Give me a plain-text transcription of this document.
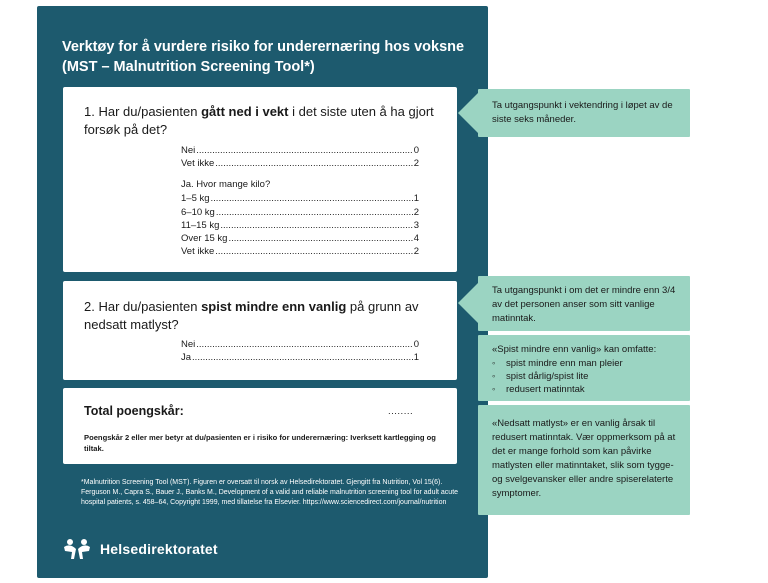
Verktøy for å vurdere risiko for underernæring hos voksne (MST – Malnutrition Screening Tool*)
1. Har du/pasienten gått ned i vekt i det siste uten å ha gjort forsøk på det?
Nei .....	0
Vet ikke .....	2
Ja. Hvor mange kilo?
1–5 kg .....	1
6–10 kg .....	2
11–15 kg .....	3
Over 15 kg .....	4
Vet ikke .....	2
2. Har du/pasienten spist mindre enn vanlig på grunn av nedsatt matlyst?
Nei .....	0
Ja .....	1
Total poengskår:	........
Poengskår 2 eller mer betyr at du/pasienten er i risiko for underernæring: Iverksett kartlegging og tiltak.
*Malnutrition Screening Tool (MST). Figuren er oversatt til norsk av Helsedirektoratet. Gjengitt fra Nutrition, Vol 15(6). Ferguson M., Capra S., Bauer J., Banks M., Development of a valid and reliable malnutrition screening tool for adult acute hospital patients, s. 458–64, Copyright 1999, med tillatelse fra Elsevier. https://www.sciencedirect.com/journal/nutrition
Helsedirektoratet
Ta utgangspunkt i vektendring i løpet av de siste seks måneder.
Ta utgangspunkt i om det er mindre enn 3/4 av det personen anser som sitt vanlige matinntak.
«Spist mindre enn vanlig» kan omfatte:
◦ spist mindre enn man pleier
◦ spist dårlig/spist lite
◦ redusert matinntak
«Nedsatt matlyst» er en vanlig årsak til redusert matinntak. Vær oppmerksom på at det er mange forhold som kan påvirke matlysten eller matinntaket, slik som tygge- og svelgevansker eller andre spiserelaterte symptomer.
